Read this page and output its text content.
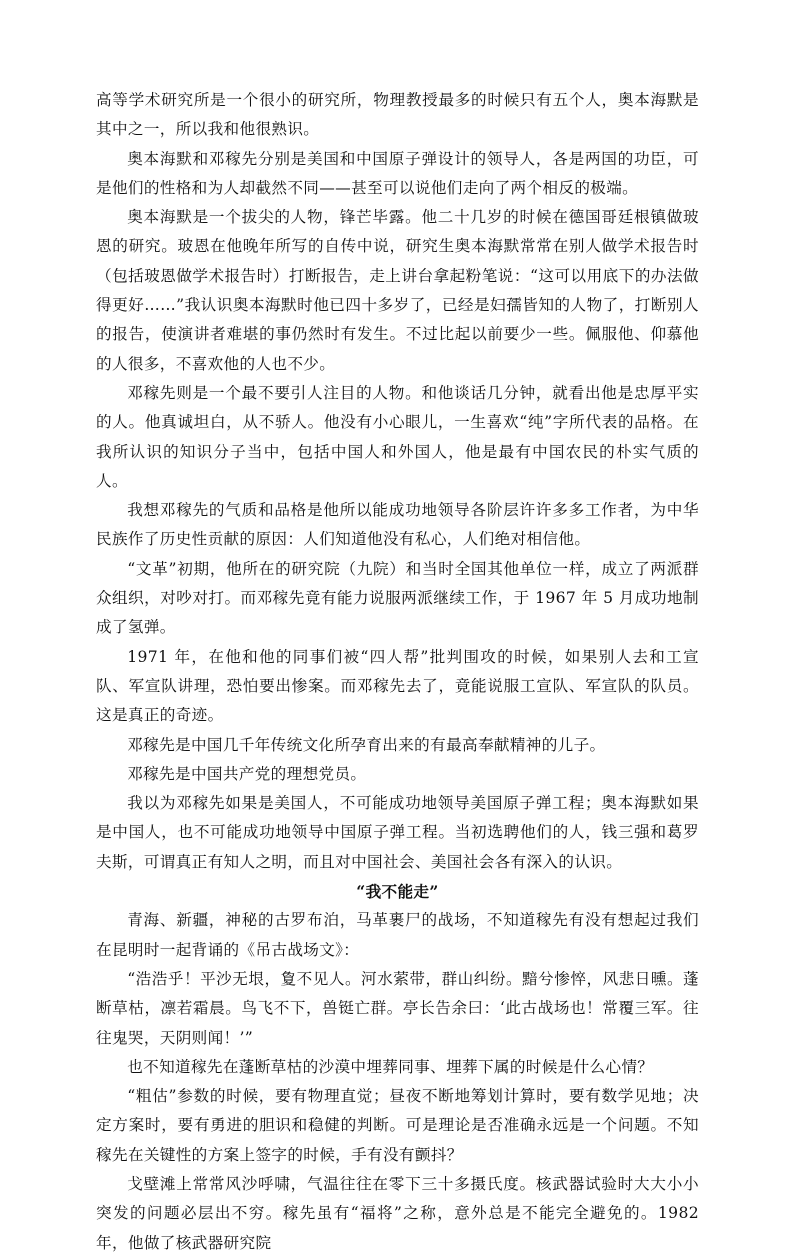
高等学术研究所是一个很小的研究所，物理教授最多的时候只有五个人，奥本海默是其中之一，所以我和他很熟识。

奥本海默和邓稼先分别是美国和中国原子弹设计的领导人，各是两国的功臣，可是他们的性格和为人却截然不同——甚至可以说他们走向了两个相反的极端。

奥本海默是一个拔尖的人物，锋芒毕露。他二十几岁的时候在德国哥廷根镇做玻恩的研究。玻恩在他晚年所写的自传中说，研究生奥本海默常常在别人做学术报告时（包括玻恩做学术报告时）打断报告，走上讲台拿起粉笔说：“这可以用底下的办法做得更好……”我认识奥本海默时他已四十多岁了，已经是妇孺皆知的人物了，打断别人的报告，使演讲者难堪的事仍然时有发生。不过比起以前要少一些。佩服他、仰慕他的人很多，不喜欢他的人也不少。

邓稼先则是一个最不要引人注目的人物。和他谈话几分钟，就看出他是忠厚平实的人。他真诚坦白，从不骄人。他没有小心眼儿，一生喜欢“纯”字所代表的品格。在我所认识的知识分子当中，包括中国人和外国人，他是最有中国农民的朴实气质的人。

我想邓稼先的气质和品格是他所以能成功地领导各阶层许许多多工作者，为中华民族作了历史性贡献的原因：人们知道他没有私心，人们绝对相信他。

“文革”初期，他所在的研究院（九院）和当时全国其他单位一样，成立了两派群众组织，对吵对打。而邓稼先竟有能力说服两派继续工作，于 1967 年 5 月成功地制成了氢弹。

1971 年，在他和他的同事们被“四人帮”批判围攻的时候，如果别人去和工宣队、军宣队讲理，恐怕要出惨案。而邓稼先去了，竟能说服工宣队、军宣队的队员。这是真正的奇迹。

邓稼先是中国几千年传统文化所孕育出来的有最高奉献精神的儿子。

邓稼先是中国共产党的理想党员。

我以为邓稼先如果是美国人，不可能成功地领导美国原子弹工程；奥本海默如果是中国人，也不可能成功地领导中国原子弹工程。当初选聘他们的人，钱三强和葛罗夫斯，可谓真正有知人之明，而且对中国社会、美国社会各有深入的认识。

“我不能走”

青海、新疆，神秘的古罗布泊，马革裹尸的战场，不知道稼先有没有想起过我们在昆明时一起背诵的《吊古战场文》：

“浩浩乎！平沙无垠，夐不见人。河水萦带，群山纠纷。黯兮惨悴，风悲日曛。蓬断草枯，凛若霜晨。鸟飞不下，兽铤亡群。亭长告余曰：‘此古战场也！常覆三军。往往鬼哭，天阴则闻！’”

也不知道稼先在蓬断草枯的沙漠中埋葬同事、埋葬下属的时候是什么心情？

“粗估”参数的时候，要有物理直觉；昼夜不断地筹划计算时，要有数学见地；决定方案时，要有勇进的胆识和稳健的判断。可是理论是否准确永远是一个问题。不知稼先在关键性的方案上签字的时候，手有没有颤抖？

戈壁滩上常常风沙呼啸，气温往往在零下三十多摄氏度。核武器试验时大大小小突发的问题必层出不穷。稼先虽有“福将”之称，意外总是不能完全避免的。1982 年，他做了核武器研究院
